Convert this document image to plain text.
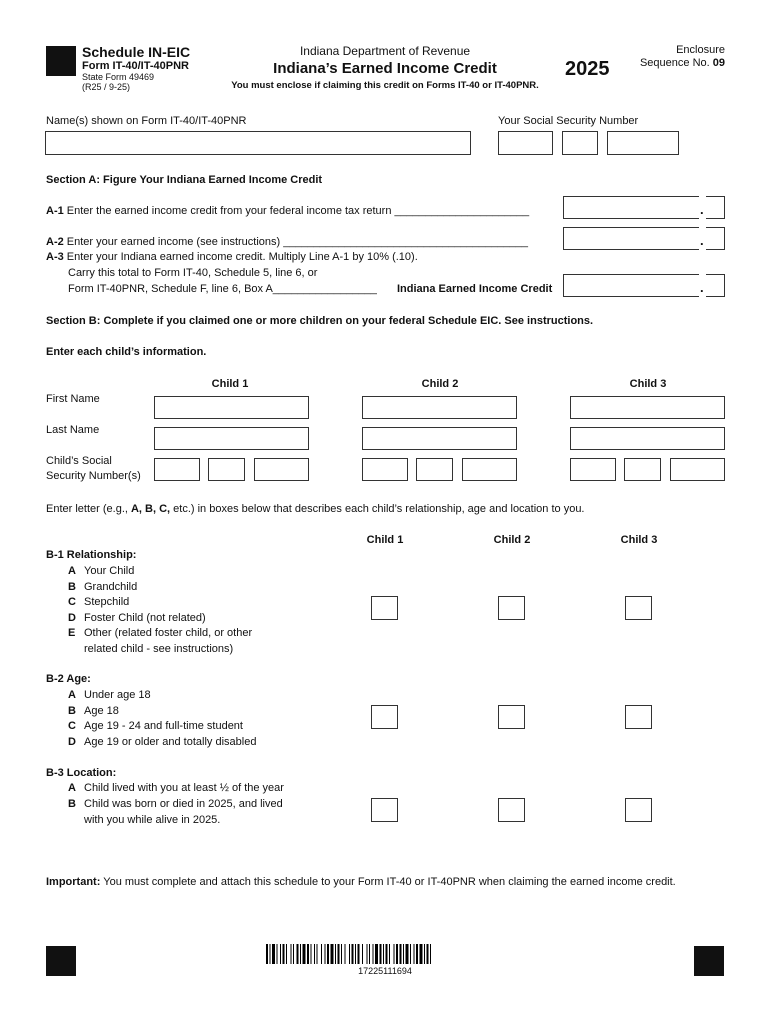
Schedule IN-EIC
Form IT-40/IT-40PNR
State Form 49469
(R25 / 9-25)
Indiana Department of Revenue
Indiana’s Earned Income Credit
You must enclose if claiming this credit on Forms IT-40 or IT-40PNR.
2025
Enclosure
Sequence No. 09
Name(s) shown on Form IT-40/IT-40PNR	Your Social Security Number
Section A: Figure Your Indiana Earned Income Credit
A-1 Enter the earned income credit from your federal income tax return ______________________	.
A-2 Enter your earned income (see instructions) ________________________________________	.
A-3 Enter your Indiana earned income credit. Multiply Line A-1 by 10% (.10).
Carry this total to Form IT-40, Schedule 5, line 6, or
Form IT-40PNR, Schedule F, line 6, Box A_________________ Indiana Earned Income Credit	.
Section B: Complete if you claimed one or more children on your federal Schedule EIC. See instructions.
Enter each child’s information.
Child 1	Child 2	Child 3
First Name
Last Name
Child’s Social
Security Number(s)
Enter letter (e.g., A, B, C, etc.) in boxes below that describes each child’s relationship, age and location to you.
Child 1	Child 2	Child 3
B-1 Relationship:
A Your Child
B Grandchild
C Stepchild
D Foster Child (not related)
E Other (related foster child, or other
related child - see instructions)
B-2 Age:
A Under age 18
B Age 18
C Age 19 - 24 and full-time student
D Age 19 or older and totally disabled
B-3 Location:
A Child lived with you at least ½ of the year
B Child was born or died in 2025, and lived
with you while alive in 2025.
Important: You must complete and attach this schedule to your Form IT-40 or IT-40PNR when claiming the earned income credit.
17225111694
